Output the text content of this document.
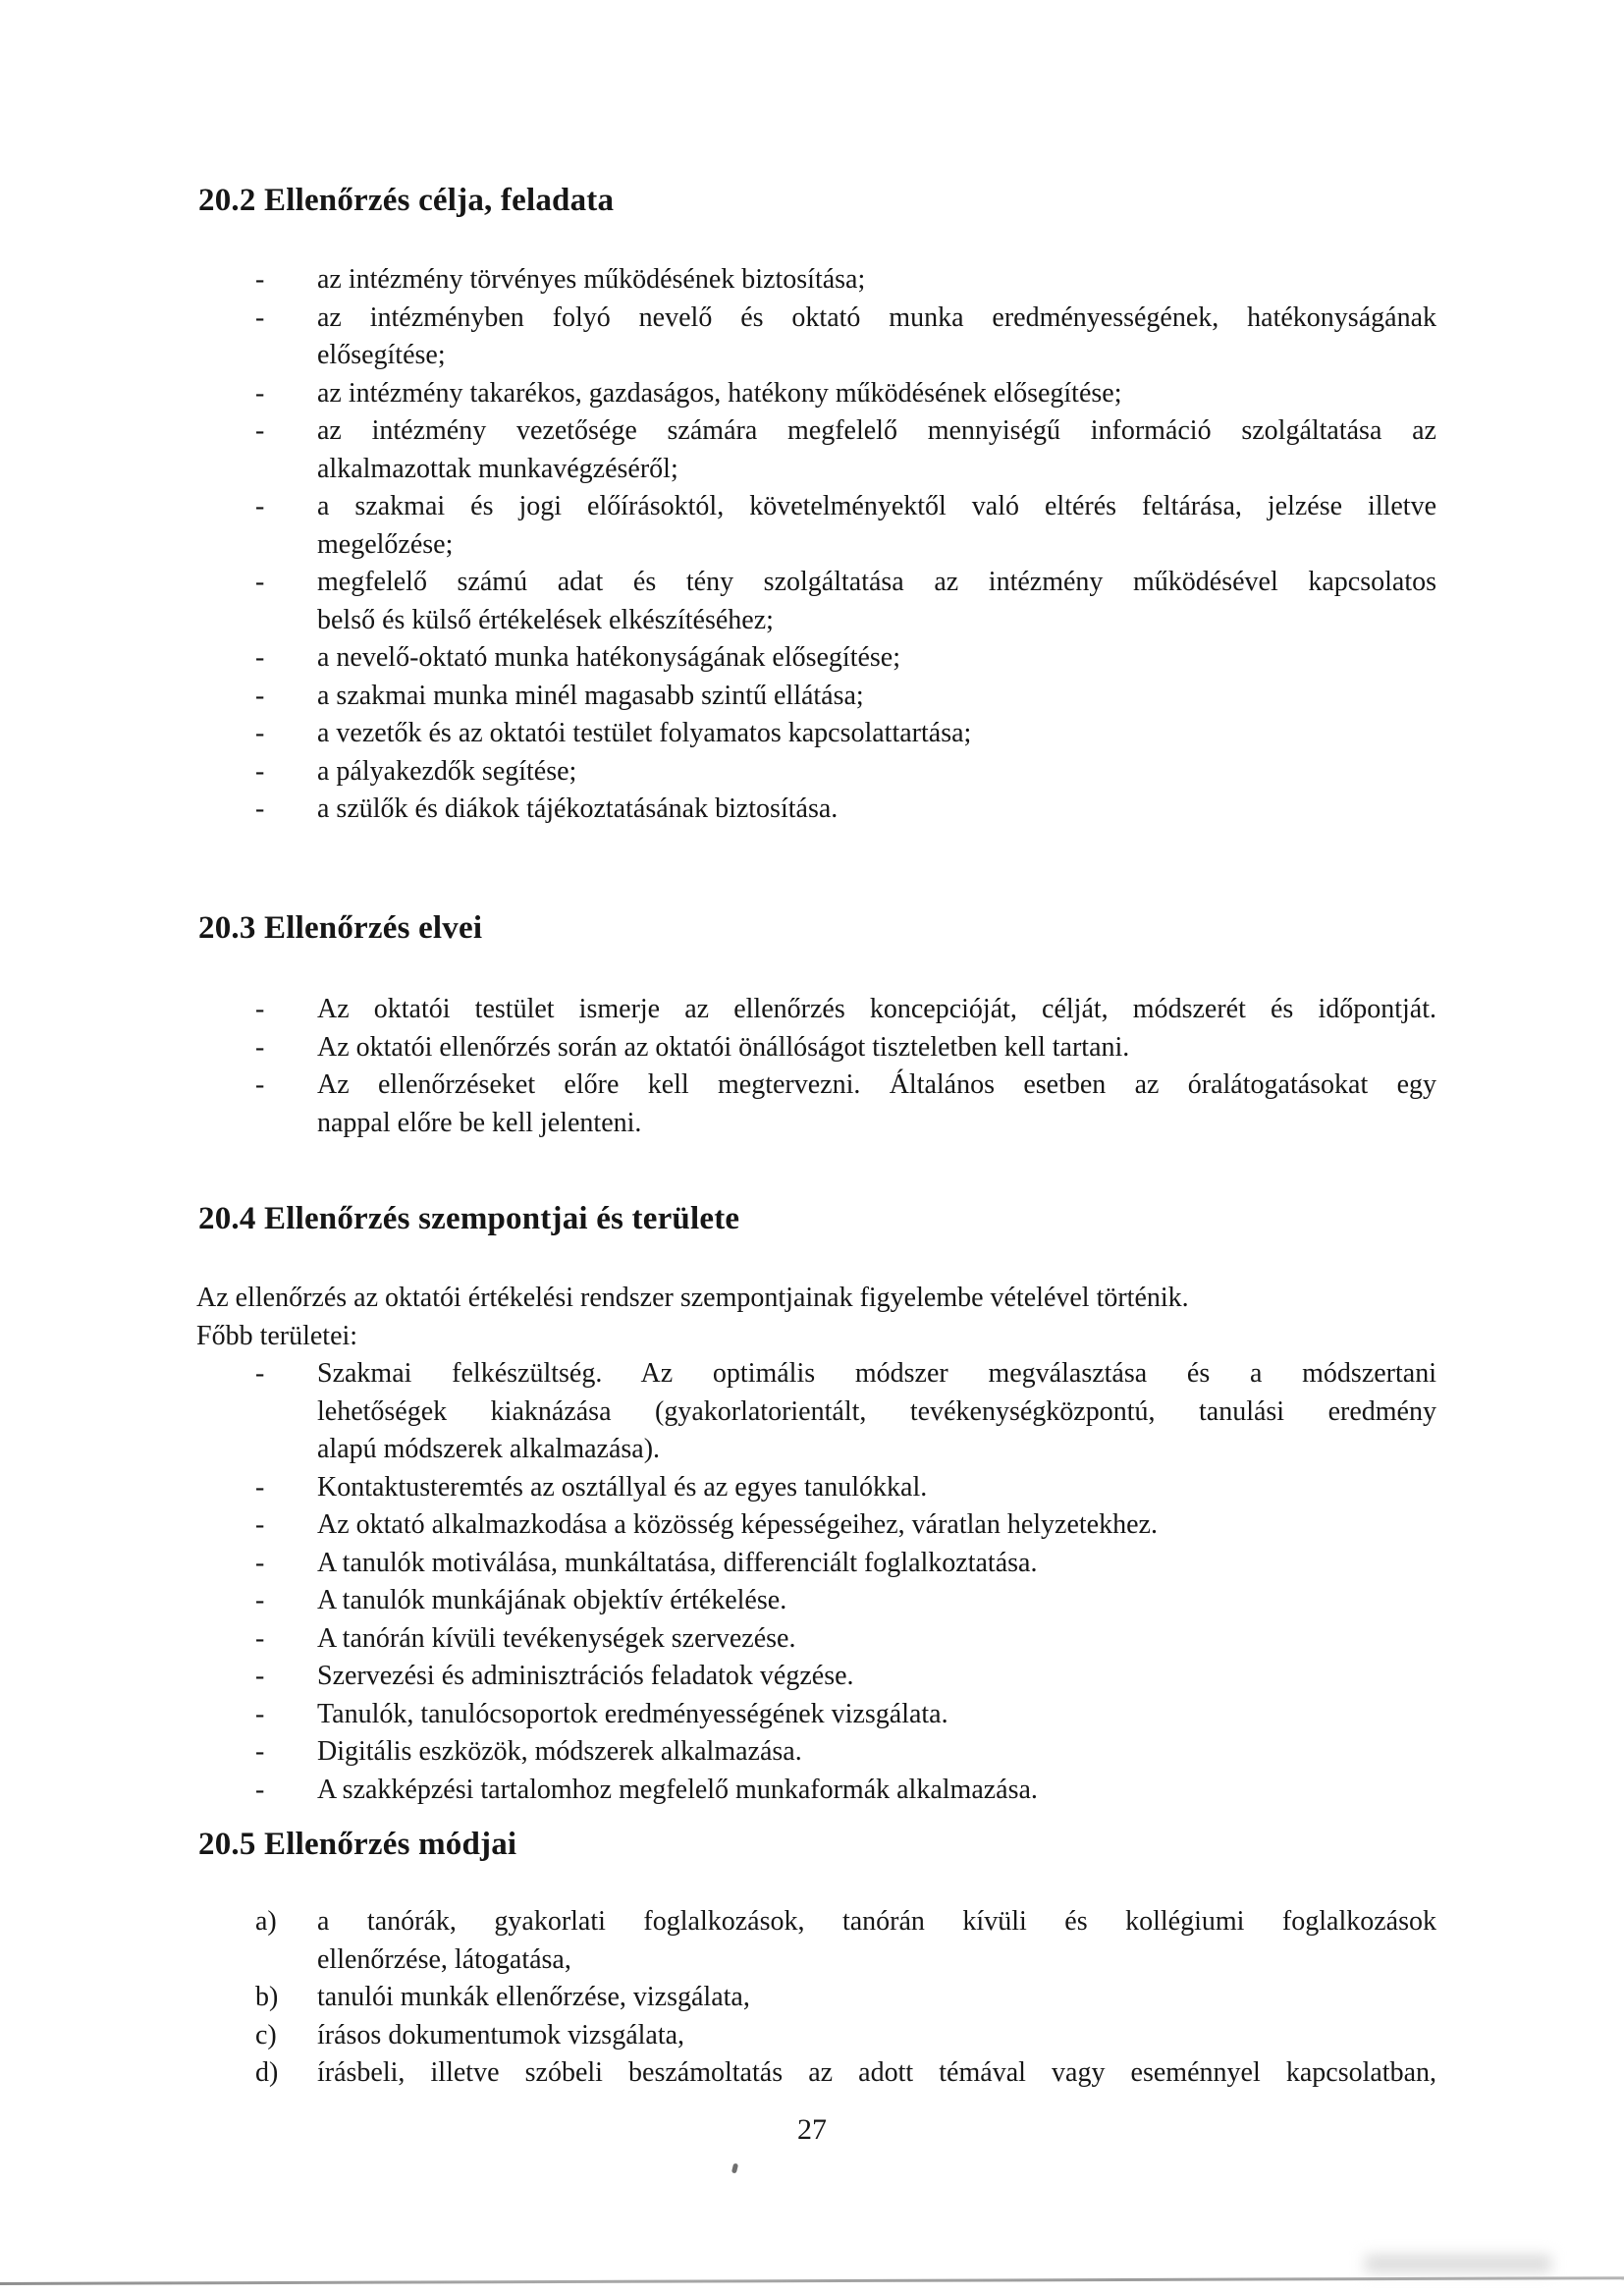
20.2 Ellenőrzés célja, feladata
- az intézmény törvényes működésének biztosítása;
- az intézményben folyó nevelő és oktató munka eredményességének, hatékonyságának
elősegítése;
- az intézmény takarékos, gazdaságos, hatékony működésének elősegítése;
- az intézmény vezetősége számára megfelelő mennyiségű információ szolgáltatása az
alkalmazottak munkavégzéséről;
- a szakmai és jogi előírásoktól, követelményektől való eltérés feltárása, jelzése illetve
megelőzése;
- megfelelő számú adat és tény szolgáltatása az intézmény működésével kapcsolatos
belső és külső értékelések elkészítéséhez;
- a nevelő-oktató munka hatékonyságának elősegítése;
- a szakmai munka minél magasabb szintű ellátása;
- a vezetők és az oktatói testület folyamatos kapcsolattartása;
- a pályakezdők segítése;
- a szülők és diákok tájékoztatásának biztosítása.
20.3 Ellenőrzés elvei
- Az oktatói testület ismerje az ellenőrzés koncepcióját, célját, módszerét és időpontját.
- Az oktatói ellenőrzés során az oktatói önállóságot tiszteletben kell tartani.
- Az ellenőrzéseket előre kell megtervezni. Általános esetben az óralátogatásokat egy
nappal előre be kell jelenteni.
20.4 Ellenőrzés szempontjai és területe
Az ellenőrzés az oktatói értékelési rendszer szempontjainak figyelembe vételével történik.
Főbb területei:
- Szakmai felkészültség. Az optimális módszer megválasztása és a módszertani
lehetőségek kiaknázása (gyakorlatorientált, tevékenységközpontú, tanulási eredmény
alapú módszerek alkalmazása).
- Kontaktusteremtés az osztállyal és az egyes tanulókkal.
- Az oktató alkalmazkodása a közösség képességeihez, váratlan helyzetekhez.
- A tanulók motiválása, munkáltatása, differenciált foglalkoztatása.
- A tanulók munkájának objektív értékelése.
- A tanórán kívüli tevékenységek szervezése.
- Szervezési és adminisztrációs feladatok végzése.
- Tanulók, tanulócsoportok eredményességének vizsgálata.
- Digitális eszközök, módszerek alkalmazása.
- A szakképzési tartalomhoz megfelelő munkaformák alkalmazása.
20.5 Ellenőrzés módjai
a) a tanórák, gyakorlati foglalkozások, tanórán kívüli és kollégiumi foglalkozások
ellenőrzése, látogatása,
b) tanulói munkák ellenőrzése, vizsgálata,
c) írásos dokumentumok vizsgálata,
d) írásbeli, illetve szóbeli beszámoltatás az adott témával vagy eseménnyel kapcsolatban,
27
